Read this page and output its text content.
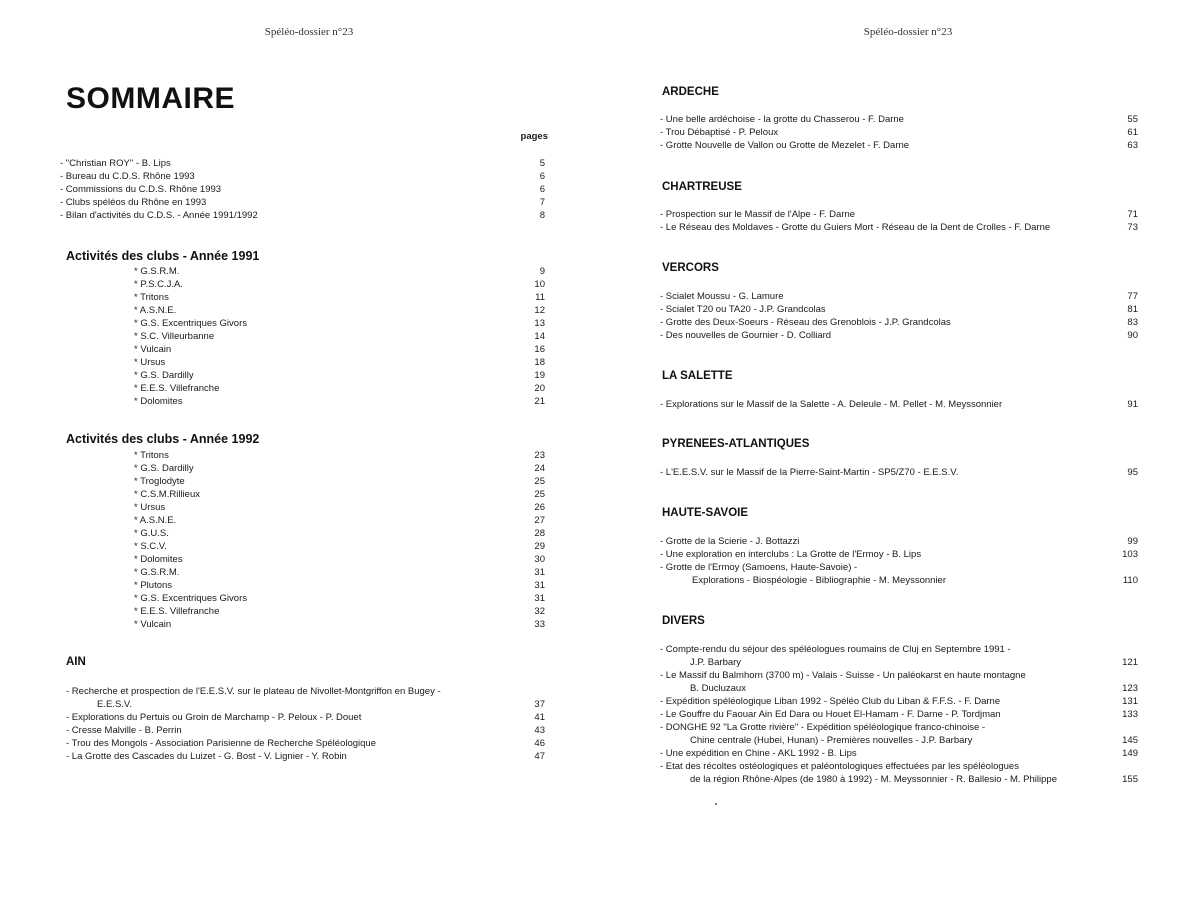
Spéléo-dossier n°23
SOMMAIRE
pages
- "Christian ROY" - B. Lips	5
- Bureau du C.D.S. Rhône 1993	6
- Commissions du C.D.S. Rhône 1993	6
- Clubs spéléos du Rhône en 1993	7
- Bilan d'activités du C.D.S. - Année 1991/1992	8
Activités des clubs - Année 1991
* G.S.R.M.	9
* P.S.C.J.A.	10
* Tritons	11
* A.S.N.E.	12
* G.S. Excentriques Givors	13
* S.C. Villeurbanne	14
* Vulcain	16
* Ursus	18
* G.S. Dardilly	19
* E.E.S. Villefranche	20
* Dolomites	21
Activités des clubs - Année 1992
* Tritons	23
* G.S. Dardilly	24
* Troglodyte	25
* C.S.M.Rillieux	25
* Ursus	26
* A.S.N.E.	27
* G.U.S.	28
* S.C.V.	29
* Dolomites	30
* G.S.R.M.	31
* Plutons	31
* G.S. Excentriques Givors	31
* E.E.S. Villefranche	32
* Vulcain	33
AIN
- Recherche et prospection de l'E.E.S.V. sur le plateau de Nivollet-Montgriffon en Bugey -
E.E.S.V.	37
- Explorations du Pertuis ou Groin de Marchamp - P. Peloux - P. Douet	41
- Cresse Malville - B. Perrin	43
- Trou des Mongols - Association Parisienne de Recherche Spéléologique	46
- La Grotte des Cascades du Luizet - G. Bost - V. Lignier - Y. Robin	47
Spéléo-dossier n°23
ARDECHE
- Une belle ardéchoise - la grotte du Chasserou - F. Darne	55
- Trou Débaptisé - P. Peloux	61
- Grotte Nouvelle de Vallon ou Grotte de Mezelet - F. Darne	63
CHARTREUSE
- Prospection sur le Massif de l'Alpe - F. Darne	71
- Le Réseau des Moldaves - Grotte du Guiers Mort - Réseau de la Dent de Crolles - F. Darne	73
VERCORS
- Scialet Moussu - G. Lamure	77
- Scialet T20 ou TA20 - J.P. Grandcolas	81
- Grotte des Deux-Soeurs - Réseau des Grenoblois - J.P. Grandcolas	83
- Des nouvelles de Gournier - D. Colliard	90
LA SALETTE
- Explorations sur le Massif de la Salette - A. Deleule - M. Pellet - M. Meyssonnier	91
PYRENEES-ATLANTIQUES
- L'E.E.S.V. sur le Massif de la Pierre-Saint-Martin - SP5/Z70 - E.E.S.V.	95
HAUTE-SAVOIE
- Grotte de la Scierie - J. Bottazzi	99
- Une exploration en interclubs : La Grotte de l'Ermoy - B. Lips	103
- Grotte de l'Ermoy (Samoens, Haute-Savoie) -
Explorations - Biospéologie - Bibliographie - M. Meyssonnier	110
DIVERS
- Compte-rendu du séjour des spéléologues roumains de Cluj en Septembre 1991 -
J.P. Barbary	121
- Le Massif du Balmhorn (3700 m) - Valais - Suisse - Un paléokarst en haute montagne
B. Ducluzaux	123
- Expédition spéléologique Liban 1992 - Spéléo Club du Liban & F.F.S. - F. Darne	131
- Le Gouffre du Faouar Ain Ed Dara ou Houet El-Hamam - F. Darne - P. Tordjman	133
- DONGHE 92 "La Grotte rivière" - Expédition spéléologique franco-chinoise -
Chine centrale (Hubei, Hunan) - Premières nouvelles - J.P. Barbary	145
- Une expédition en Chine - AKL 1992 - B. Lips	149
- Etat des récoltes ostéologiques et paléontologiques effectuées par les spéléologues
de la région Rhône-Alpes (de 1980 à 1992) - M. Meyssonnier - R. Ballesio - M. Philippe	155
